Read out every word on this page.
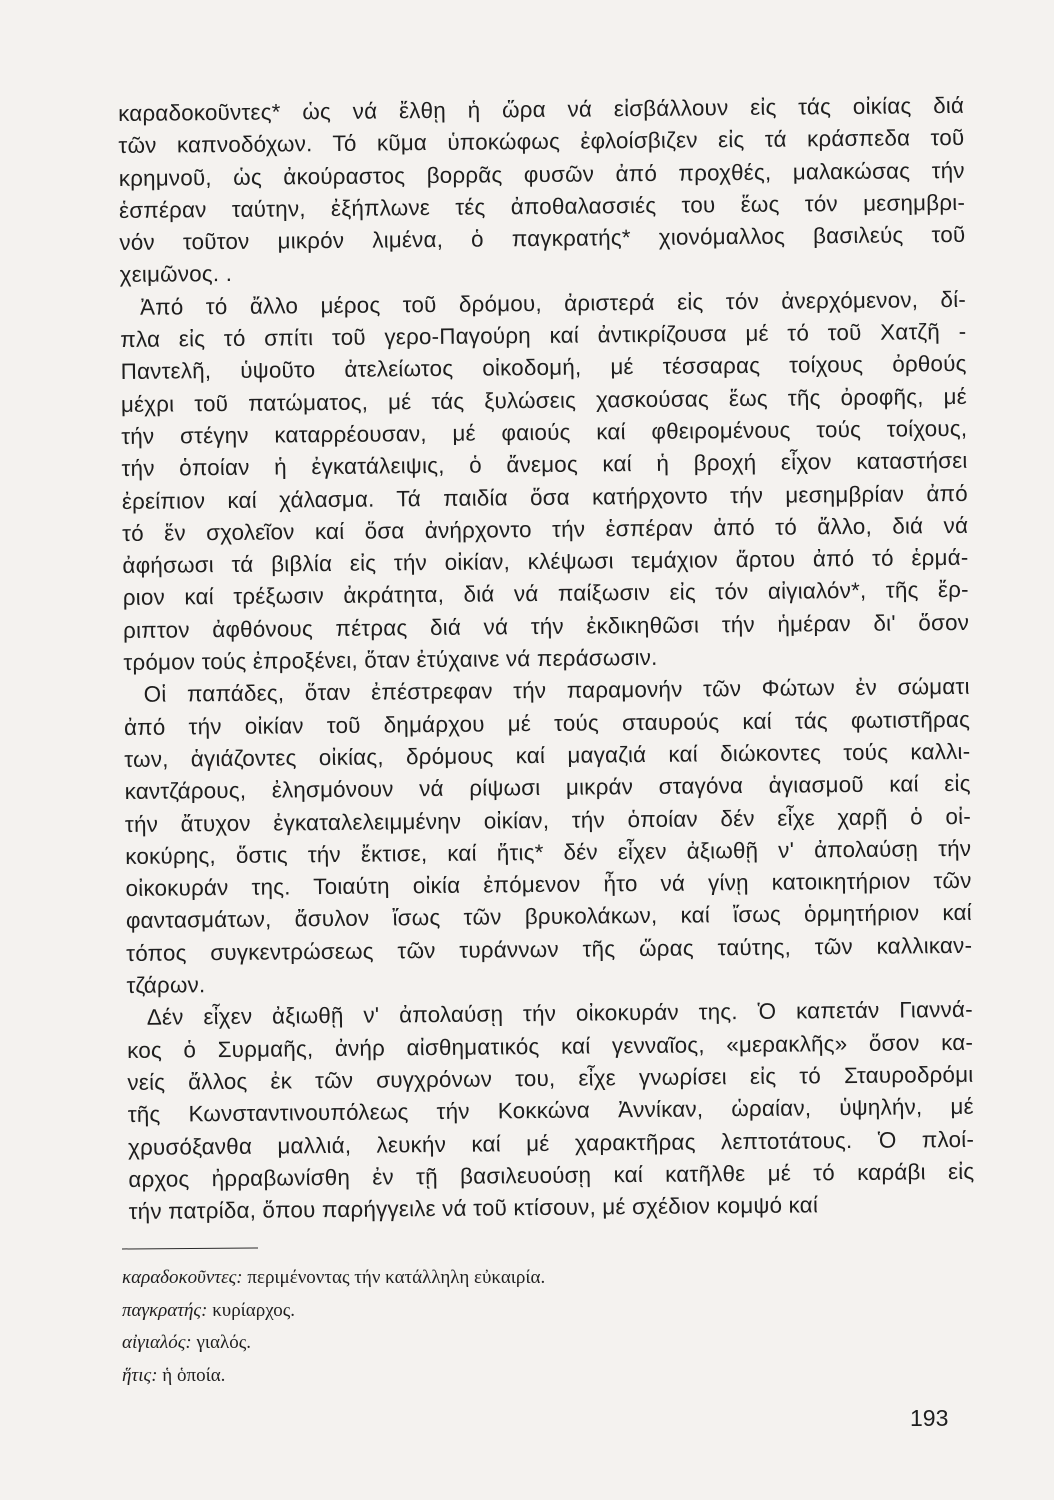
καραδοκοῦντες* ὡς νά ἔλθῃ ἡ ὥρα νά εἰσβάλλουν εἰς τάς οἰκίας διά
τῶν καπνοδόχων. Τό κῦμα ὑποκώφως ἐφλοίσβιζεν εἰς τά κράσπεδα τοῦ
κρημνοῦ, ὡς ἀκούραστος βορρᾶς φυσῶν ἀπό προχθές, μαλακώσας τήν
ἑσπέραν ταύτην, ἐξήπλωνε τές ἀποθαλασσιές του ἕως τόν μεσημβρι-
νόν τοῦτον μικρόν λιμένα, ὁ παγκρατής* χιονόμαλλος βασιλεύς τοῦ
χειμῶνος. .
Ἀπό τό ἄλλο μέρος τοῦ δρόμου, ἀριστερά εἰς τόν ἀνερχόμενον, δί-
πλα εἰς τό σπίτι τοῦ γερο-Παγούρη καί ἀντικρίζουσα μέ τό τοῦ Χατζῆ -
Παντελῆ, ὑψοῦτο ἀτελείωτος οἰκοδομή, μέ τέσσαρας τοίχους ὀρθούς
μέχρι τοῦ πατώματος, μέ τάς ξυλώσεις χασκούσας ἕως τῆς ὀροφῆς, μέ
τήν στέγην καταρρέουσαν, μέ φαιούς καί φθειρομένους τούς τοίχους,
τήν ὁποίαν ἡ ἐγκατάλειψις, ὁ ἄνεμος καί ἡ βροχή εἶχον καταστήσει
ἐρείπιον καί χάλασμα. Τά παιδία ὅσα κατήρχοντο τήν μεσημβρίαν ἀπό
τό ἕν σχολεῖον καί ὅσα ἀνήρχοντο τήν ἑσπέραν ἀπό τό ἄλλο, διά νά
ἀφήσωσι τά βιβλία εἰς τήν οἰκίαν, κλέψωσι τεμάχιον ἄρτου ἀπό τό ἑρμά-
ριον καί τρέξωσιν ἀκράτητα, διά νά παίξωσιν εἰς τόν αἰγιαλόν*, τῆς ἔρ-
ριπτον ἀφθόνους πέτρας διά νά τήν ἐκδικηθῶσι τήν ἡμέραν δι' ὅσον
τρόμον τούς ἐπροξένει, ὅταν ἐτύχαινε νά περάσωσιν.
Οἱ παπάδες, ὅταν ἐπέστρεφαν τήν παραμονήν τῶν Φώτων ἐν σώματι
ἀπό τήν οἰκίαν τοῦ δημάρχου μέ τούς σταυρούς καί τάς φωτιστῆρας
των, ἁγιάζοντες οἰκίας, δρόμους καί μαγαζιά καί διώκοντες τούς καλλι-
καντζάρους, ἐλησμόνουν νά ρίψωσι μικράν σταγόνα ἁγιασμοῦ καί εἰς
τήν ἄτυχον ἐγκαταλελειμμένην οἰκίαν, τήν ὁποίαν δέν εἶχε χαρῇ ὁ οἰ-
κοκύρης, ὅστις τήν ἔκτισε, καί ἥτις* δέν εἶχεν ἀξιωθῇ ν' ἀπολαύσῃ τήν
οἰκοκυράν της. Τοιαύτη οἰκία ἐπόμενον ἦτο νά γίνῃ κατοικητήριον τῶν
φαντασμάτων, ἄσυλον ἴσως τῶν βρυκολάκων, καί ἴσως ὁρμητήριον καί
τόπος συγκεντρώσεως τῶν τυράννων τῆς ὥρας ταύτης, τῶν καλλικαν-
τζάρων.
Δέν εἶχεν ἀξιωθῇ ν' ἀπολαύσῃ τήν οἰκοκυράν της. Ὁ καπετάν Γιαννά-
κος ὁ Συρμαῆς, ἀνήρ αἰσθηματικός καί γενναῖος, «μερακλῆς» ὅσον κα-
νείς ἄλλος ἐκ τῶν συγχρόνων του, εἶχε γνωρίσει εἰς τό Σταυροδρόμι
τῆς Κωνσταντινουπόλεως τήν Κοκκώνα Ἀννίκαν, ὡραίαν, ὑψηλήν, μέ
χρυσόξανθα μαλλιά, λευκήν καί μέ χαρακτῆρας λεπτοτάτους. Ὁ πλοί-
αρχος ἠρραβωνίσθη ἐν τῇ βασιλευούσῃ καί κατῆλθε μέ τό καράβι εἰς
τήν πατρίδα, ὅπου παρήγγειλε νά τοῦ κτίσουν, μέ σχέδιον κομψό καί
καραδοκοῦντες: περιμένοντας τήν κατάλληλη εὐκαιρία.
παγκρατής: κυρίαρχος.
αἰγιαλός: γιαλός.
ἥτις: ἡ ὁποία.
193
